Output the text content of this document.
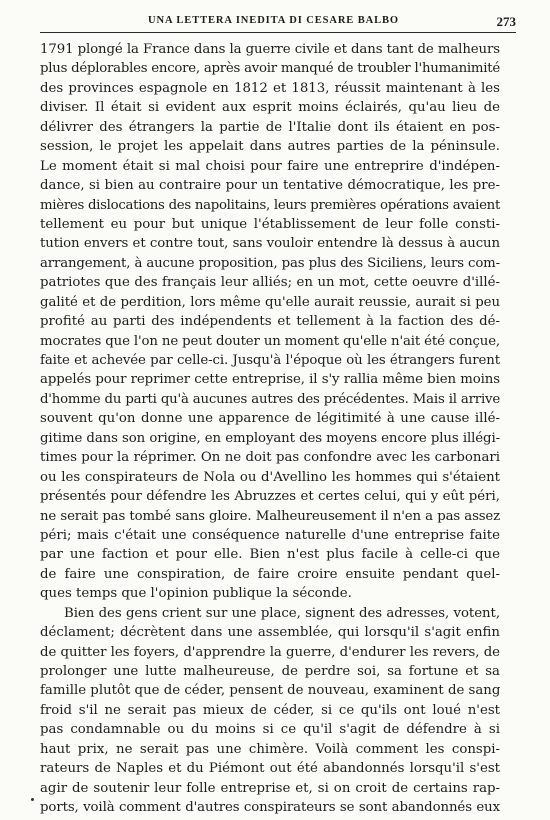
UNA LETTERA INEDITA DI CESARE BALBO	273
1791 plongé la France dans la guerre civile et dans tant de malheurs
plus déplorables encore, après avoir manqué de troubler l'humanimité
des provinces espagnole en 1812 et 1813, réussit maintenant à les
diviser. Il était si evident aux esprit moins éclairés, qu'au lieu de
délivrer des étrangers la partie de l'Italie dont ils étaient en pos-
session, le projet les appelait dans autres parties de la péninsule.
Le moment était si mal choisi pour faire une entreprire d'indépen-
dance, si bien au contraire pour un tentative démocratique, les pre-
mières dislocations des napolitains, leurs premières opérations avaient
tellement eu pour but unique l'établissement de leur folle consti-
tution envers et contre tout, sans vouloir entendre là dessus à aucun
arrangement, à aucune proposition, pas plus des Siciliens, leurs com-
patriotes que des français leur alliés; en un mot, cette oeuvre d'illé-
galité et de perdition, lors même qu'elle aurait reussie, aurait si peu
profité au parti des indépendents et tellement à la faction des dé-
mocrates que l'on ne peut douter un moment qu'elle n'ait été conçue,
faite et achevée par celle-ci. Jusqu'à l'époque où les étrangers furent
appelés pour reprimer cette entreprise, il s'y rallia même bien moins
d'homme du parti qu'à aucunes autres des précédentes. Mais il arrive
souvent qu'on donne une apparence de légitimité à une cause illé-
gitime dans son origine, en employant des moyens encore plus illégi-
times pour la réprimer. On ne doit pas confondre avec les carbonari
ou les conspirateurs de Nola ou d'Avellino les hommes qui s'étaient
présentés pour défendre les Abruzzes et certes celui, qui y eût péri,
ne serait pas tombé sans gloire. Malheureusement il n'en a pas assez
péri; mais c'était une conséquence naturelle d'une entreprise faite
par une faction et pour elle. Bien n'est plus facile à celle-ci que
de faire une conspiration, de faire croire ensuite pendant quel-
ques temps que l'opinion publique la séconde.
Bien des gens crient sur une place, signent des adresses, votent,
déclament; décrètent dans une assemblée, qui lorsqu'il s'agit enfin
de quitter les foyers, d'apprendre la guerre, d'endurer les revers, de
prolonger une lutte malheureuse, de perdre soi, sa fortune et sa
famille plutôt que de céder, pensent de nouveau, examinent de sang
froid s'il ne serait pas mieux de céder, si ce qu'ils ont loué n'est
pas condamnable ou du moins si ce qu'il s'agit de défendre à si
haut prix, ne serait pas une chimère. Voilà comment les conspi-
rateurs de Naples et du Piémont out été abandonnés lorsqu'il s'est
agir de soutenir leur folle entreprise et, si on croit de certains rap-
ports, voilà comment d'autres conspirateurs se sont abandonnés eux
